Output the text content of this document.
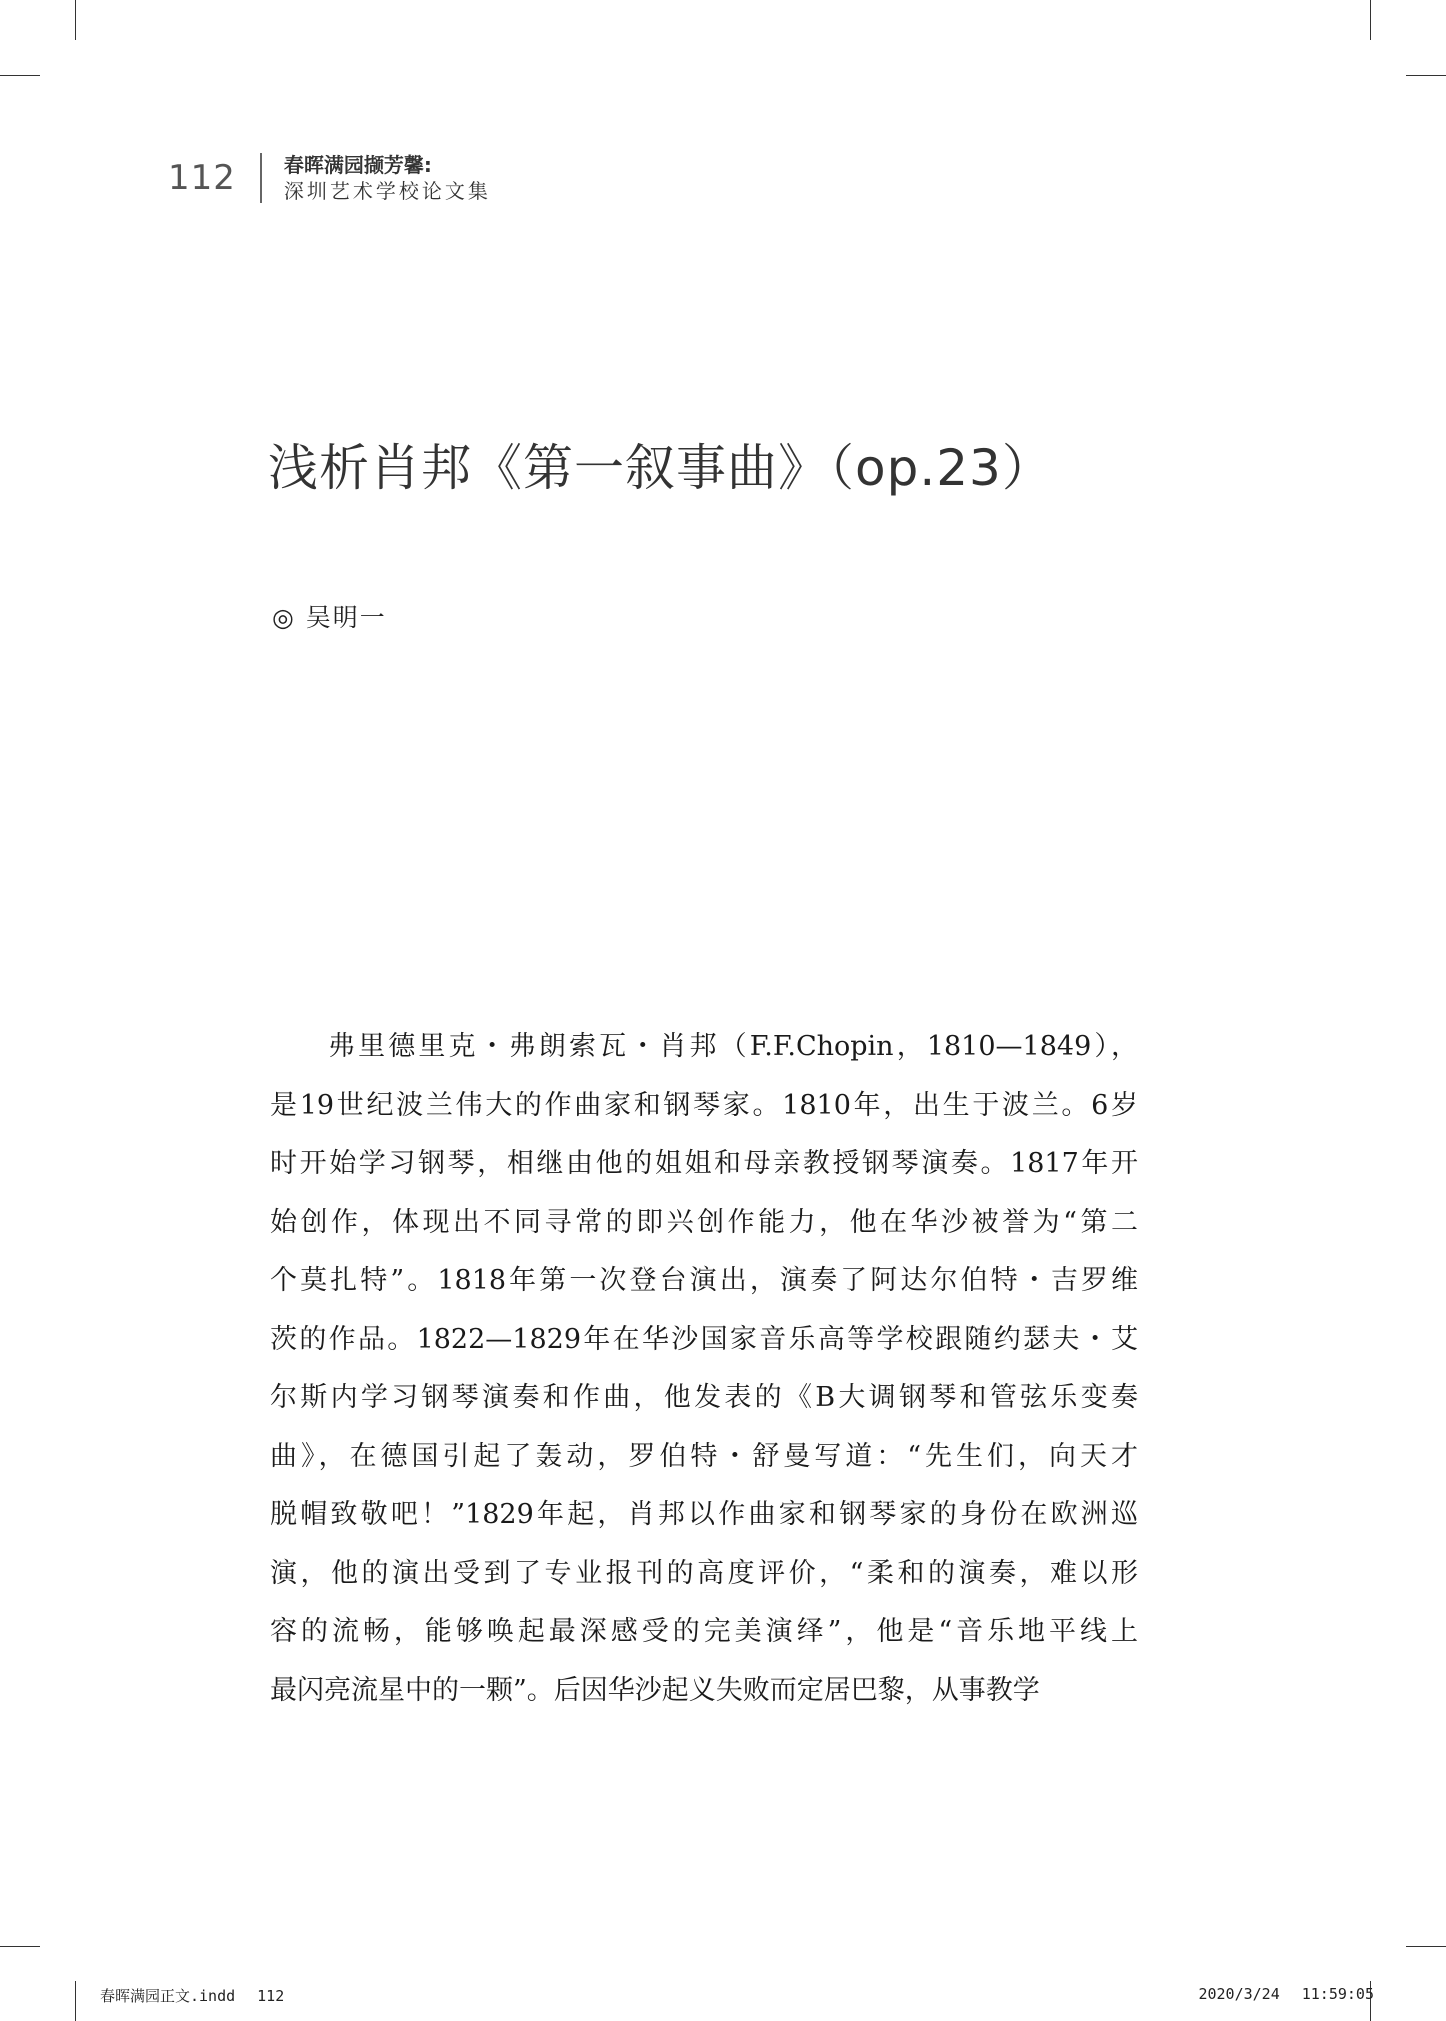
112 春晖满园撷芳馨:
深圳艺术学校论文集
浅析肖邦《第一叙事曲》（op.23）
◎ 吴明一
弗里德里克・弗朗索瓦・肖邦（F.F.Chopin，1810—1849），
是19世纪波兰伟大的作曲家和钢琴家。1810年，出生于波兰。6岁
时开始学习钢琴，相继由他的姐姐和母亲教授钢琴演奏。1817年开
始创作，体现出不同寻常的即兴创作能力，他在华沙被誉为“第二
个莫扎特”。1818年第一次登台演出，演奏了阿达尔伯特・吉罗维
茨的作品。1822—1829年在华沙国家音乐高等学校跟随约瑟夫・艾
尔斯内学习钢琴演奏和作曲，他发表的《B大调钢琴和管弦乐变奏
曲》，在德国引起了轰动，罗伯特・舒曼写道：“先生们，向天才
脱帽致敬吧！”1829年起，肖邦以作曲家和钢琴家的身份在欧洲巡
演，他的演出受到了专业报刊的高度评价，“柔和的演奏，难以形
容的流畅，能够唤起最深感受的完美演绎”，他是“音乐地平线上
最闪亮流星中的一颗”。后因华沙起义失败而定居巴黎，从事教学
春晖满园正文.indd 112	2020/3/24 11:59:05
